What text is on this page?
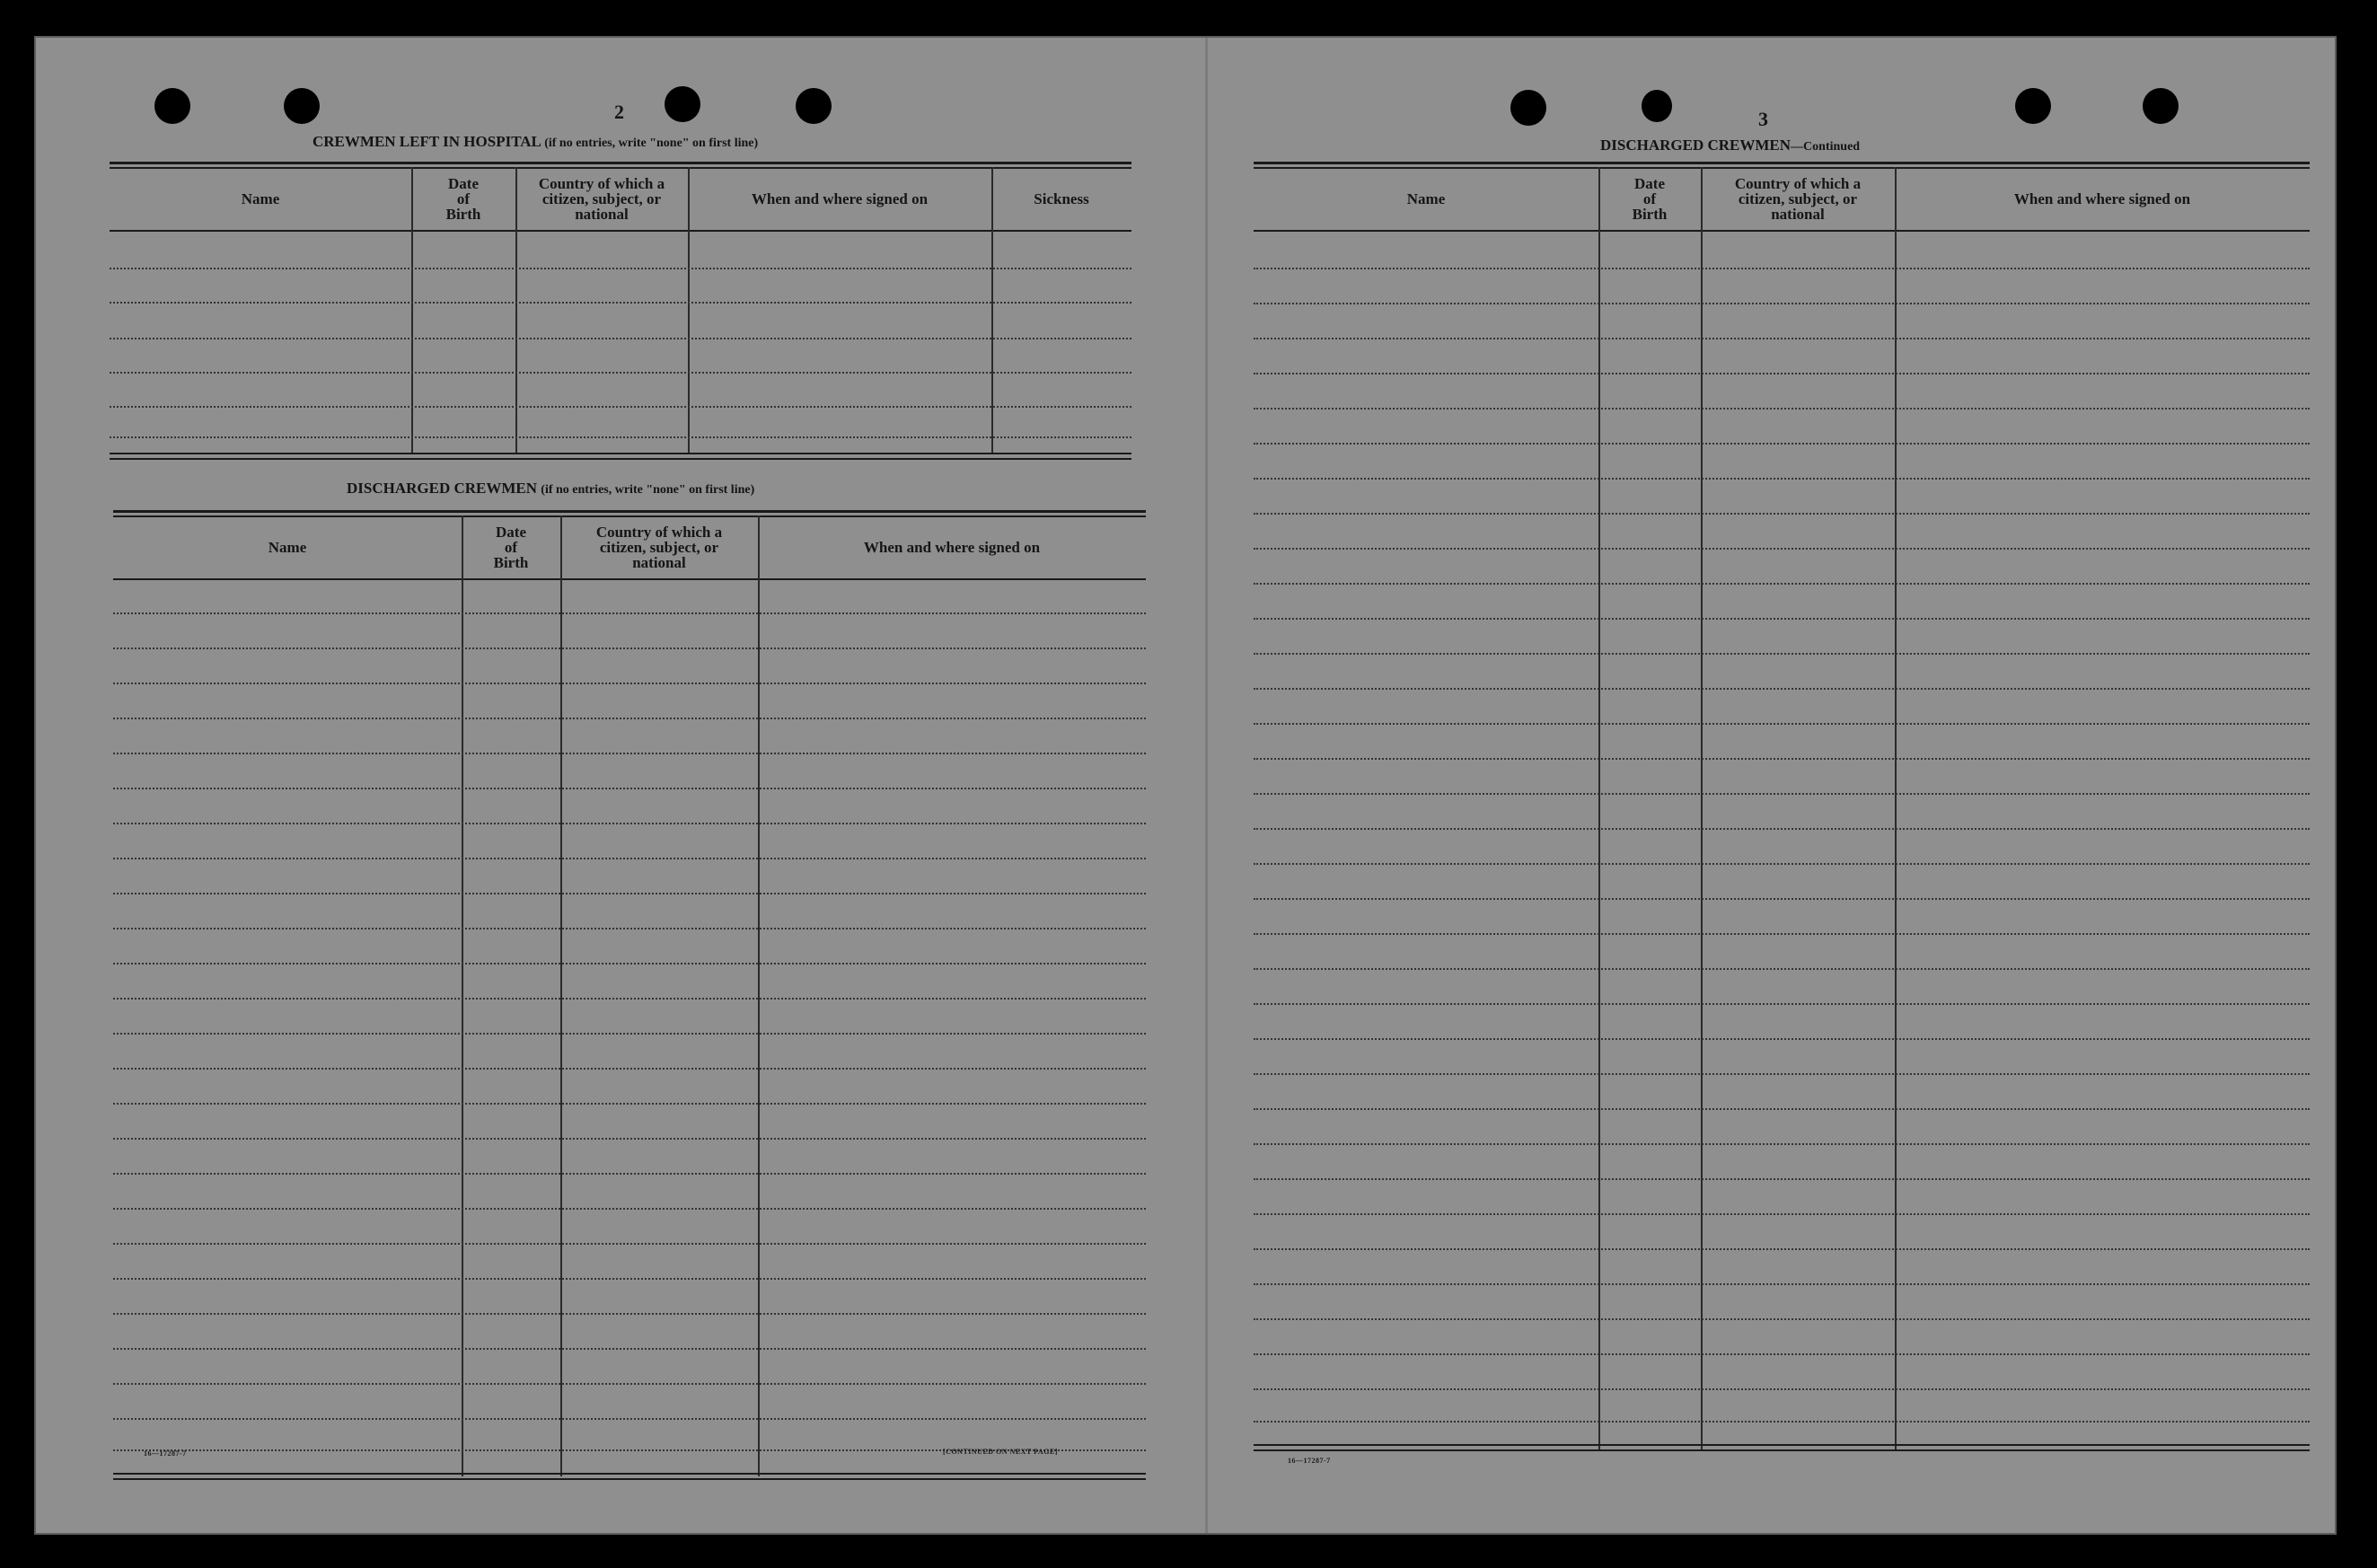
2
CREWMEN LEFT IN HOSPITAL (if no entries, write "none" on first line)
Name
Date
of
Birth
Country of which a
citizen, subject, or
national
When and where signed on	Sickness
DISCHARGED CREWMEN (if no entries, write "none" on first line)
Name
Date
of
Birth
Country of which a
citizen, subject, or
national
When and where signed on
16—17287-7	[CONTINUED ON NEXT PAGE]
3
DISCHARGED CREWMEN—Continued
Name
Date
of
Birth
Country of which a
citizen, subject, or
national
When and where signed on
16—17287-7
